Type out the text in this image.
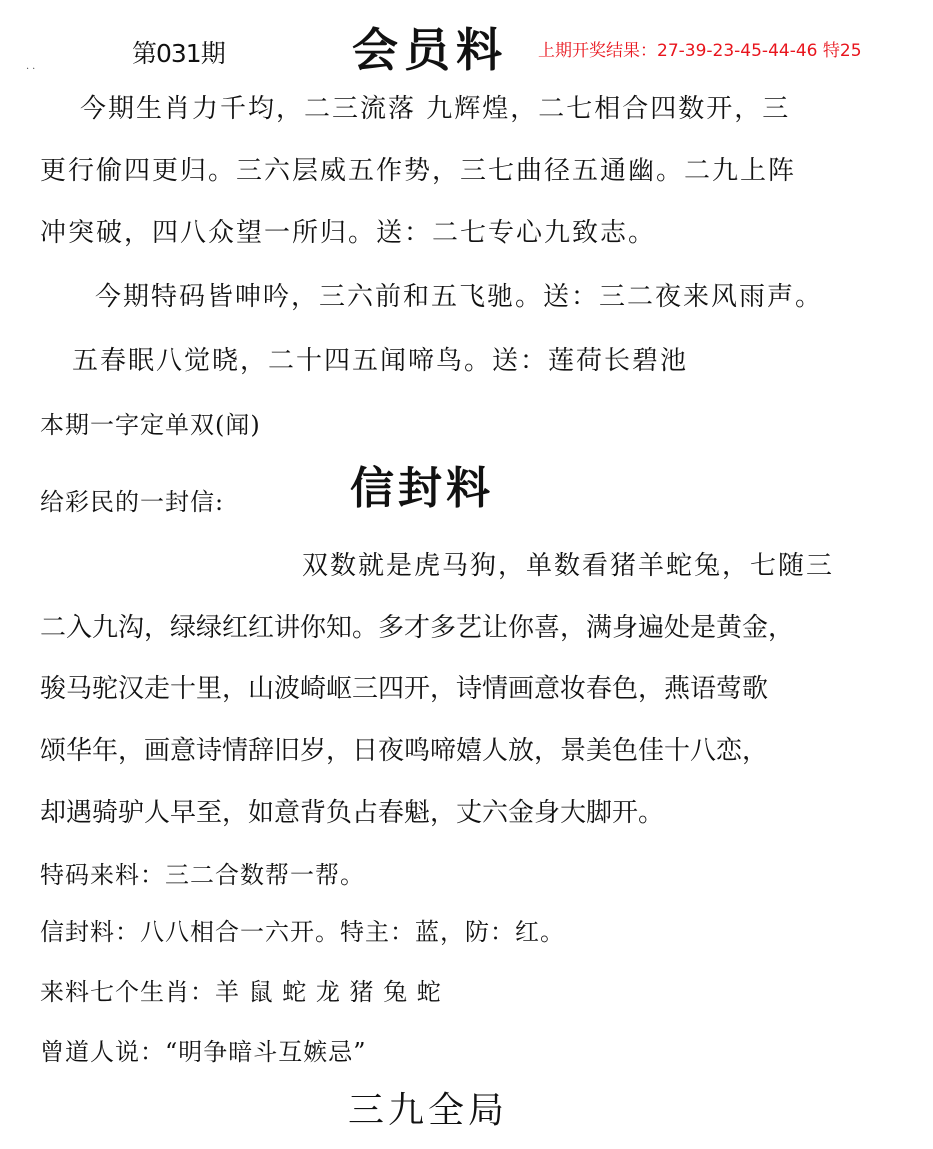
第031期	会员料 上期开奖结果：27-39-23-45-44-46 特25
··
今期生肖力千均，二三流落 九辉煌，二七相合四数开，三
更行偷四更归。三六层威五作势，三七曲径五通幽。二九上阵
冲突破，四八众望一所归。送：二七专心九致志。
今期特码皆呻吟，三六前和五飞驰。送：三二夜来风雨声。
五春眠八觉晓，二十四五闻啼鸟。送：莲荷长碧池
本期一字定单双(闻)
给彩民的一封信:	信封料
双数就是虎马狗，单数看猪羊蛇兔，七随三
二入九沟，绿绿红红讲你知。多才多艺让你喜，满身遍处是黄金，
骏马驼汉走十里，山波崎岖三四开，诗情画意妆春色，燕语莺歌
颂华年，画意诗情辞旧岁，日夜鸣啼嬉人放，景美色佳十八恋，
却遇骑驴人早至，如意背负占春魁，丈六金身大脚开。
特码来料：三二合数帮一帮。
信封料：八八相合一六开。特主：蓝，防：红。
来料七个生肖：羊 鼠 蛇 龙 猪 兔 蛇
曾道人说：“明争暗斗互嫉忌”
三九全局
